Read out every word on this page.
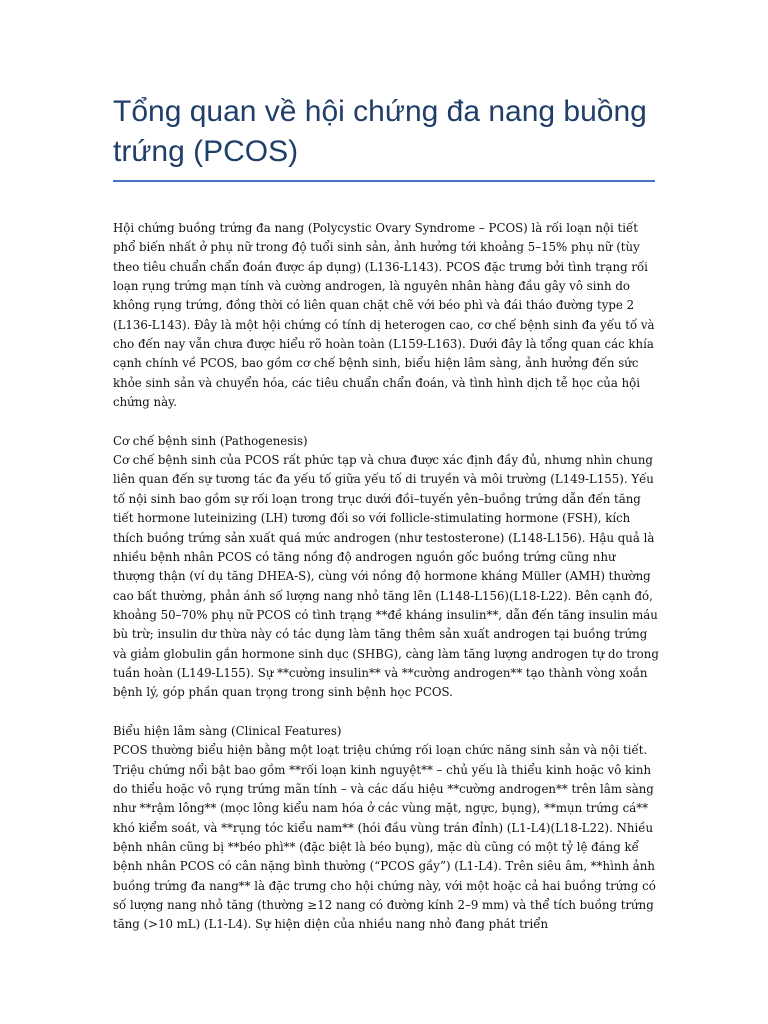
Tổng quan về hội chứng đa nang buồng trứng (PCOS)

Hội chứng buồng trứng đa nang (Polycystic Ovary Syndrome – PCOS) là rối loạn nội tiết phổ biến nhất ở phụ nữ trong độ tuổi sinh sản, ảnh hưởng tới khoảng 5–15% phụ nữ (tùy theo tiêu chuẩn chẩn đoán được áp dụng) (L136-L143). PCOS đặc trưng bởi tình trạng rối loạn rụng trứng mạn tính và cường androgen, là nguyên nhân hàng đầu gây vô sinh do không rụng trứng, đồng thời có liên quan chặt chẽ với béo phì và đái tháo đường type 2 (L136-L143). Đây là một hội chứng có tính dị heterogen cao, cơ chế bệnh sinh đa yếu tố và cho đến nay vẫn chưa được hiểu rõ hoàn toàn (L159-L163). Dưới đây là tổng quan các khía cạnh chính về PCOS, bao gồm cơ chế bệnh sinh, biểu hiện lâm sàng, ảnh hưởng đến sức khỏe sinh sản và chuyển hóa, các tiêu chuẩn chẩn đoán, và tình hình dịch tễ học của hội chứng này.

Cơ chế bệnh sinh (Pathogenesis)

Cơ chế bệnh sinh của PCOS rất phức tạp và chưa được xác định đầy đủ, nhưng nhìn chung liên quan đến sự tương tác đa yếu tố giữa yếu tố di truyền và môi trường (L149-L155). Yếu tố nội sinh bao gồm sự rối loạn trong trục dưới đồi–tuyến yên–buồng trứng dẫn đến tăng tiết hormone luteinizing (LH) tương đối so với follicle-stimulating hormone (FSH), kích thích buồng trứng sản xuất quá mức androgen (như testosterone) (L148-L156). Hậu quả là nhiều bệnh nhân PCOS có tăng nồng độ androgen nguồn gốc buồng trứng cũng như thượng thận (ví dụ tăng DHEA-S), cùng với nồng độ hormone kháng Müller (AMH) thường cao bất thường, phản ánh số lượng nang nhỏ tăng lên (L148-L156)(L18-L22). Bên cạnh đó, khoảng 50–70% phụ nữ PCOS có tình trạng **đề kháng insulin**, dẫn đến tăng insulin máu bù trừ; insulin dư thừa này có tác dụng làm tăng thêm sản xuất androgen tại buồng trứng và giảm globulin gắn hormone sinh dục (SHBG), càng làm tăng lượng androgen tự do trong tuần hoàn (L149-L155). Sự **cường insulin** và **cường androgen** tạo thành vòng xoắn bệnh lý, góp phần quan trọng trong sinh bệnh học PCOS.

Biểu hiện lâm sàng (Clinical Features)

PCOS thường biểu hiện bằng một loạt triệu chứng rối loạn chức năng sinh sản và nội tiết. Triệu chứng nổi bật bao gồm **rối loạn kinh nguyệt** – chủ yếu là thiểu kinh hoặc vô kinh do thiểu hoặc vô rụng trứng mãn tính – và các dấu hiệu **cường androgen** trên lâm sàng như **rậm lông** (mọc lông kiểu nam hóa ở các vùng mặt, ngực, bụng), **mụn trứng cá** khó kiểm soát, và **rụng tóc kiểu nam** (hói đầu vùng trán đỉnh) (L1-L4)(L18-L22). Nhiều bệnh nhân cũng bị **béo phì** (đặc biệt là béo bụng), mặc dù cũng có một tỷ lệ đáng kể bệnh nhân PCOS có cân nặng bình thường (“PCOS gầy”) (L1-L4). Trên siêu âm, **hình ảnh buồng trứng đa nang** là đặc trưng cho hội chứng này, với một hoặc cả hai buồng trứng có số lượng nang nhỏ tăng (thường ≥12 nang có đường kính 2–9 mm) và thể tích buồng trứng tăng (>10 mL) (L1-L4). Sự hiện diện của nhiều nang nhỏ đang phát triển
